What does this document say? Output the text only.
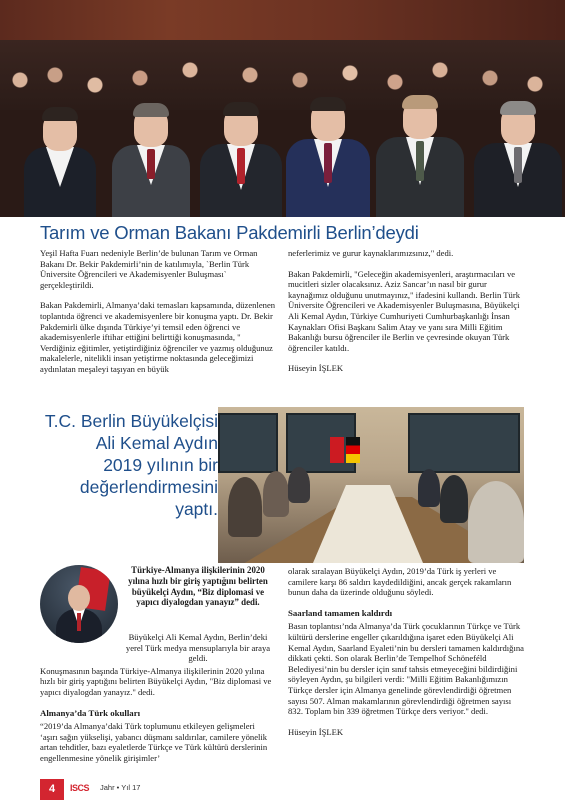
Tarım ve Orman Bakanı Pakdemirli Berlin’deydi

Yeşil Hafta Fuarı nedeniyle Berlin’de bulunan Tarım ve Orman Bakanı Dr. Bekir Pakdemirli’nin de katılımıyla, `Berlin Türk Üniversite Öğrencileri ve Akademisyenler Buluşması` gerçekleştirildi.

Bakan Pakdemirli, Almanya’daki temasları kapsamında, düzenlenen toplantıda öğrenci ve akademisyenlere bir konuşma yaptı. Dr. Bekir Pakdemirli ülke dışında Türkiye’yi temsil eden öğrenci ve akademisyenlerle iftihar ettiğini belirttiği konuşmasında, " Verdiğiniz eğitimler, yetiştirdiğiniz öğrenciler ve yazmış olduğunuz makalelerle, nitelikli insan yetiştirme noktasında geleceğimizi aydınlatan meşaleyi taşıyan en büyük

neferlerimiz ve gurur kaynaklarımızsınız," dedi.

Bakan Pakdemirli, "Geleceğin akademisyenleri, araştırmacıları ve mucitleri sizler olacaksınız. Aziz Sancar’ın nasıl bir gurur kaynağımız olduğunu unutmayınız," ifadesini kullandı. Berlin Türk Üniversite Öğrencileri ve Akademisyenler Buluşmasına, Büyükelçi Ali Kemal Aydın, Türkiye Cumhuriyeti Cumhurbaşkanlığı İnsan Kaynakları Ofisi Başkanı Salim Atay ve yanı sıra Milli Eğitim Bakanlığı bursu öğrenciler ile Berlin ve çevresinde okuyan Türk öğrenciler katıldı.

Hüseyin İŞLEK

T.C. Berlin Büyükelçisi
Ali Kemal Aydın
2019 yılının bir
değerlendirmesini
yaptı.
Türkiye-Almanya ilişkilerinin 2020 yılına hızlı bir giriş yaptığını belirten büyükelçi Aydın, “Biz diplomasi ve yapıcı diyalogdan yanayız” dedi.

Büyükelçi Ali Kemal Aydın, Berlin’deki yerel Türk medya mensuplarıyla bir araya geldi.

Konuşmasının başında Türkiye-Almanya ilişkilerinin 2020 yılına hızlı bir giriş yaptığını belirten Büyükelçi Aydın, "Biz diplomasi ve yapıcı diyalogdan yanayız." dedi.

Almanya’da Türk okulları

“2019’da Almanya’daki Türk toplumunu etkileyen gelişmeleri ‘aşırı sağın yükselişi, yabancı düşmanı saldırılar, camilere yönelik artan tehditler, bazı eyaletlerde Türkçe ve Türk kültürü derslerinin engellenmesine yönelik girişimler’

olarak sıralayan Büyükelçi Aydın, 2019’da Türk iş yerleri ve camilere karşı 86 saldırı kaydedildiğini, ancak gerçek rakamların bunun daha da üzerinde olduğunu söyledi.

Saarland tamamen kaldırdı

Basın toplantısı’nda Almanya’da Türk çocuklarının Türkçe ve Türk kültürü derslerine engeller çıkarıldığına işaret eden Büyükelçi Ali Kemal Aydın, Saarland Eyaleti’nin bu dersleri tamamen kaldırdığına dikkati çekti. Son olarak Berlin’de Tempelhof Schöneféld Belediyesi’nin bu dersler için sınıf tahsis etmeyeceğini bildirdiğini söyleyen Aydın, şu bilgileri verdi: "Milli Eğitim Bakanlığımızın Türkçe dersler için Almanya genelinde görevlendirdiği öğretmen sayısı 507. Alman makamlarının görevlendirdiği öğretmen sayısı 832. Toplam bin 339 öğretmen Türkçe ders veriyor." dedi.

Hüseyin İŞLEK

4	ISCS Jahr • Yıl 17
